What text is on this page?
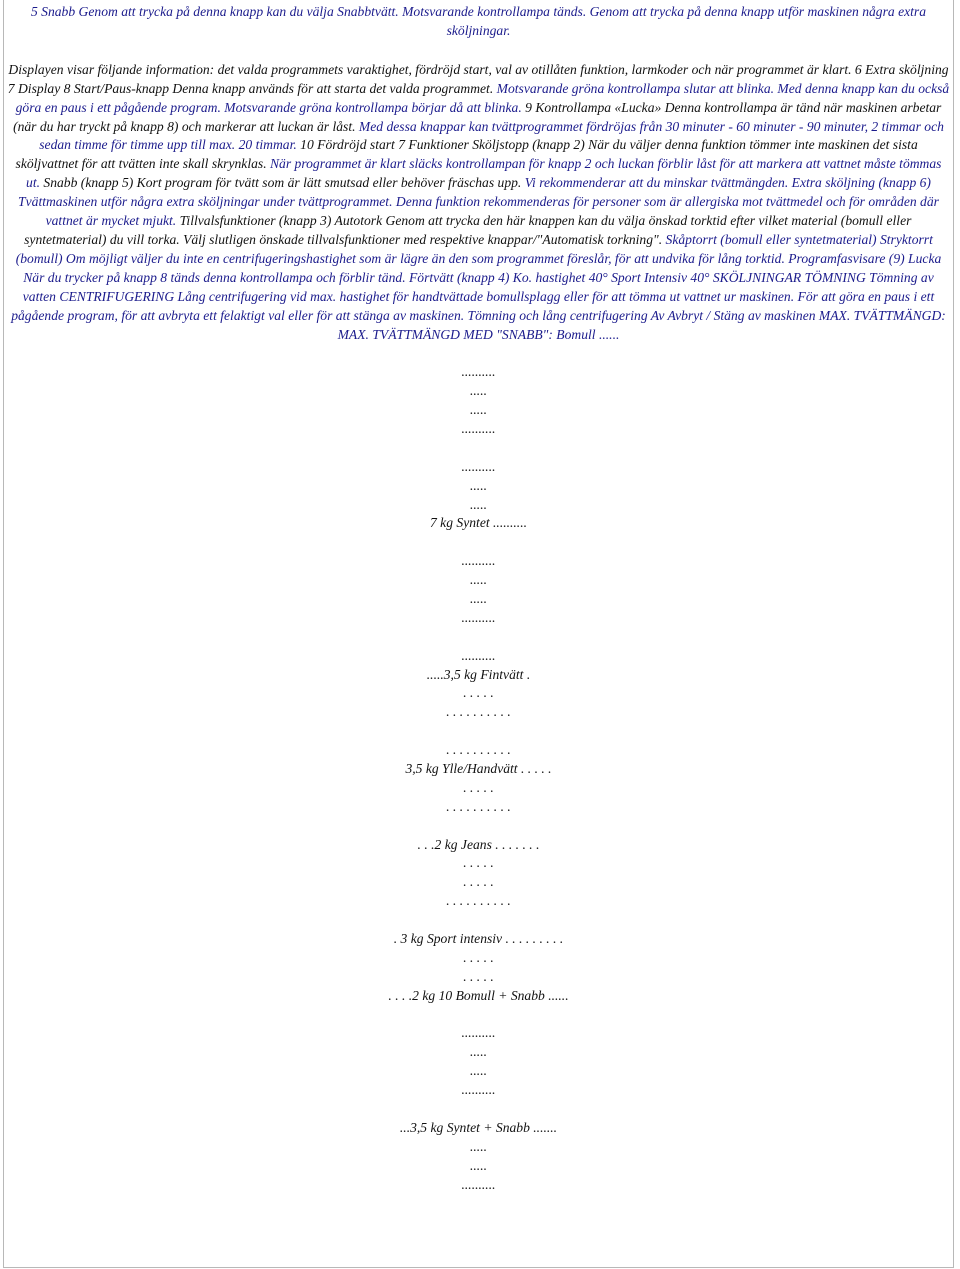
5 Snabb Genom att trycka på denna knapp kan du välja Snabbtvätt. Motsvarande kontrollampa tänds. Genom att trycka på denna knapp utför maskinen några extra sköljningar.
Displayen visar följande information: det valda programmets varaktighet, fördröjd start, val av otillåten funktion, larmkoder och när programmet är klart. 6 Extra sköljning 7 Display 8 Start/Paus-knapp Denna knapp används för att starta det valda programmet. Motsvarande gröna kontrollampa slutar att blinka. Med denna knapp kan du också göra en paus i ett pågående program. Motsvarande gröna kontrollampa börjar då att blinka. 9 Kontrollampa «Lucka» Denna kontrollampa är tänd när maskinen arbetar (när du har tryckt på knapp 8) och markerar att luckan är låst. Med dessa knappar kan tvättprogrammet fördröjas från 30 minuter - 60 minuter - 90 minuter, 2 timmar och sedan timme för timme upp till max. 20 timmar. 10 Fördröjd start 7 Funktioner Sköljstopp (knapp 2) När du väljer denna funktion tömmer inte maskinen det sista sköljvattnet för att tvätten inte skall skrynklas. När programmet är klart släcks kontrollampan för knapp 2 och luckan förblir låst för att markera att vattnet måste tömmas ut. Snabb (knapp 5) Kort program för tvätt som är lätt smutsad eller behöver fräschas upp. Vi rekommenderar att du minskar tvättmängden. Extra sköljning (knapp 6) Tvättmaskinen utför några extra sköljningar under tvättprogrammet. Denna funktion rekommenderas för personer som är allergiska mot tvättmedel och för områden där vattnet är mycket mjukt. Tillvalsfunktioner (knapp 3) Autotork Genom att trycka den här knappen kan du välja önskad torktid efter vilket material (bomull eller syntetmaterial) du vill torka. Välj slutligen önskade tillvalsfunktioner med respektive knappar/"Automatisk torkning". Skåptorrt (bomull eller syntetmaterial) Stryktorrt (bomull) Om möjligt väljer du inte en centrifugeringshastighet som är lägre än den som programmet föreslår, för att undvika för lång torktid. Programfasvisare (9) Lucka När du trycker på knapp 8 tänds denna kontrollampa och förblir tänd. Förtvätt (knapp 4) Ko. hastighet 40° Sport Intensiv 40° SKÖLJNINGAR TÖMNING Tömning av vatten CENTRIFUGERING Lång centrifugering vid max. hastighet för handtvättade bomullsplagg eller för att tömma ut vattnet ur maskinen. För att göra en paus i ett pågående program, för att avbryta ett felaktigt val eller för att stänga av maskinen. Tömning och lång centrifugering Av Avbryt / Stäng av maskinen MAX. TVÄTTMÄNGD: MAX. TVÄTTMÄNGD MED "SNABB": Bomull ......
..........
.....
.....
..........
..........
.....
.....
7 kg Syntet ..........
..........
.....
.....
..........
..........
.....3,5 kg Fintvätt .
. . . . .
. . . . . . . . . .
. . . . . . . . . .
3,5 kg Ylle/Handvätt . . . . .
. . . . .
. . . . . . . . . .
. . .2 kg Jeans . . . . . . .
. . . . .
. . . . .
. . . . . . . . . .
. 3 kg Sport intensiv . . . . . . . . .
. . . . .
. . . . .
. . . .2 kg 10 Bomull + Snabb ......
..........
.....
.....
..........
...3,5 kg Syntet + Snabb .......
.....
.....
..........
